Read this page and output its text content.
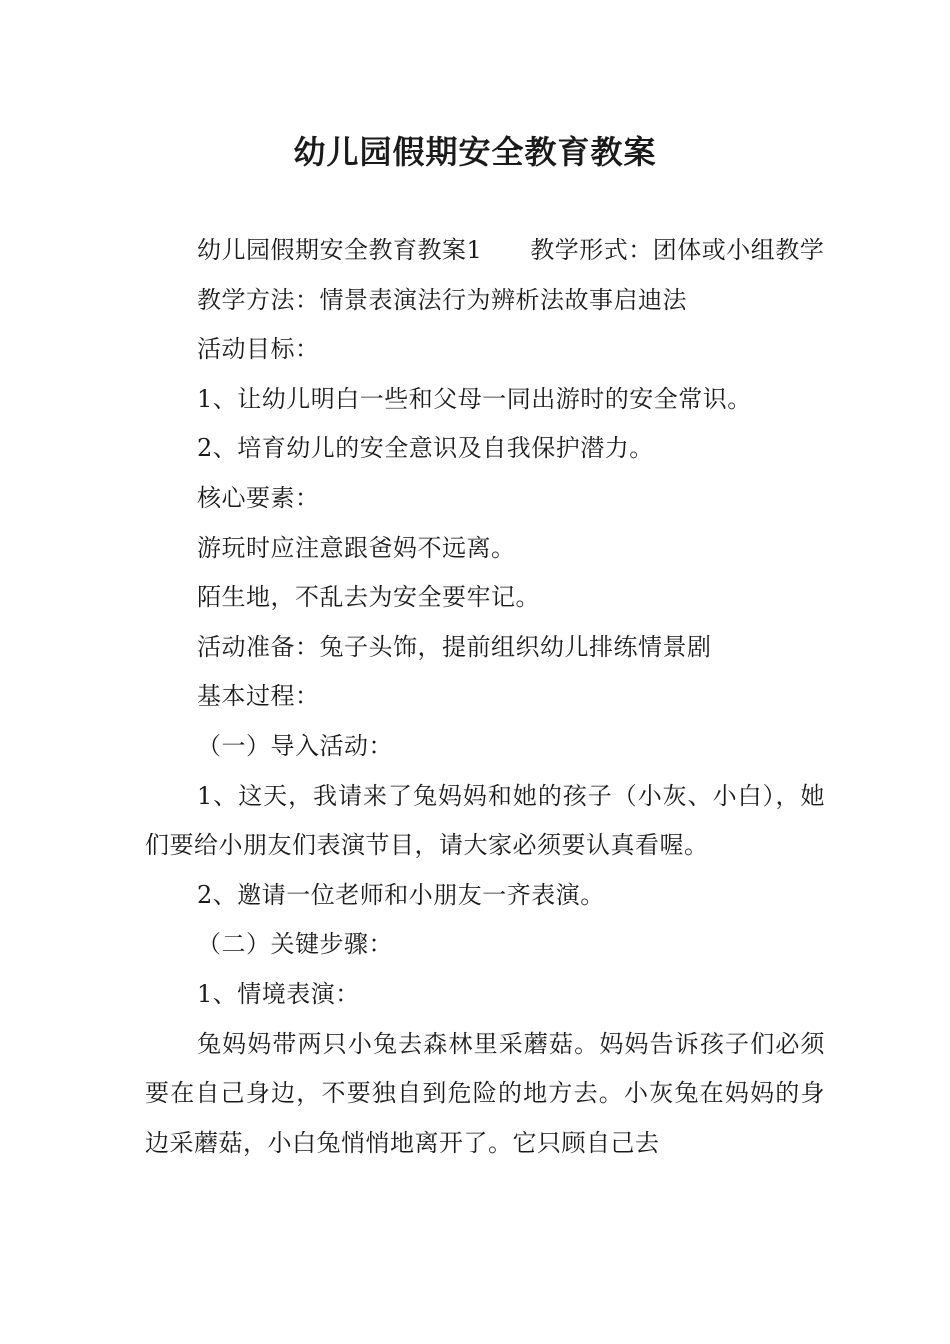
幼儿园假期安全教育教案

幼儿园假期安全教育教案1 教学形式：团体或小组教学

教学方法：情景表演法行为辨析法故事启迪法

活动目标：

1、让幼儿明白一些和父母一同出游时的安全常识。

2、培育幼儿的安全意识及自我保护潜力。

核心要素：

游玩时应注意跟爸妈不远离。

陌生地，不乱去为安全要牢记。

活动准备：兔子头饰，提前组织幼儿排练情景剧

基本过程：

（一）导入活动：

1、这天，我请来了兔妈妈和她的孩子（小灰、小白），她们要给小朋友们表演节目，请大家必须要认真看喔。

2、邀请一位老师和小朋友一齐表演。

（二）关键步骤：

1、情境表演：

兔妈妈带两只小兔去森林里采蘑菇。妈妈告诉孩子们必须要在自己身边，不要独自到危险的地方去。小灰兔在妈妈的身边采蘑菇，小白兔悄悄地离开了。它只顾自己去
